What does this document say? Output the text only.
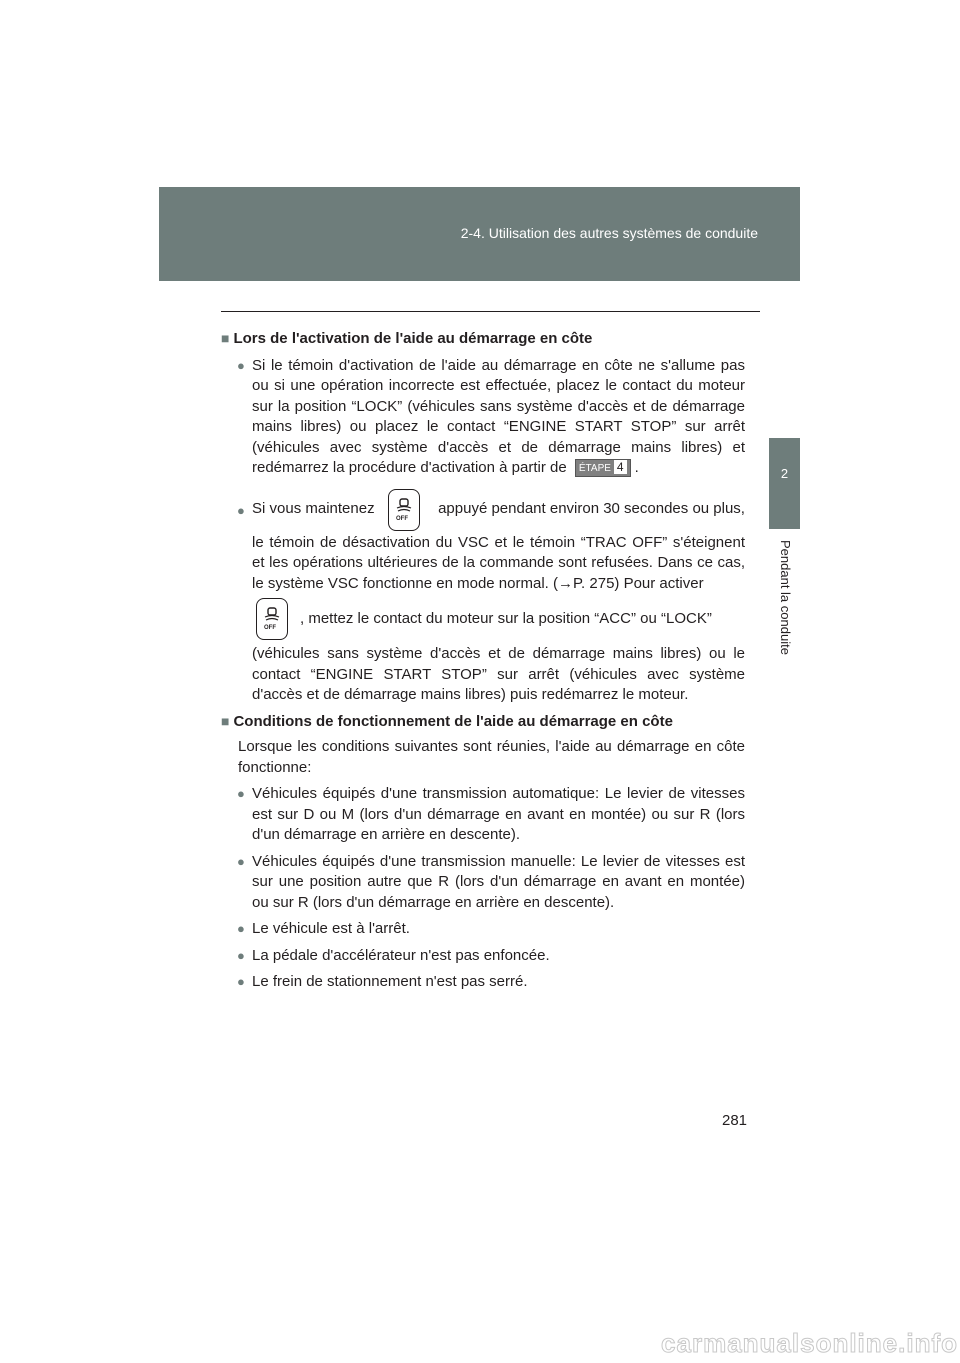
2-4. Utilisation des autres systèmes de conduite
2
Pendant la conduite
■ Lors de l'activation de l'aide au démarrage en côte
● Si le témoin d'activation de l'aide au démarrage en côte ne s'allume pas ou si une opération incorrecte est effectuée, placez le contact du moteur sur la position “LOCK” (véhicules sans système d'accès et de démarrage mains libres) ou placez le contact “ENGINE START STOP” sur arrêt (véhicules avec système d'accès et de démarrage mains libres) et redémarrez la procédure d'activation à partir de ÉTAPE 4 .
● Si vous maintenez
OFF
appuyé pendant environ 30 secondes ou plus,
le témoin de désactivation du VSC et le témoin “TRAC OFF” s'éteignent et les opérations ultérieures de la commande sont refusées. Dans ce cas, le système VSC fonctionne en mode normal. (→P. 275) Pour activer
OFF
, mettez le contact du moteur sur la position “ACC” ou “LOCK”
(véhicules sans système d'accès et de démarrage mains libres) ou le contact “ENGINE START STOP” sur arrêt (véhicules avec système d'accès et de démarrage mains libres) puis redémarrez le moteur.
■ Conditions de fonctionnement de l'aide au démarrage en côte
Lorsque les conditions suivantes sont réunies, l'aide au démarrage en côte fonctionne:
● Véhicules équipés d'une transmission automatique: Le levier de vitesses est sur D ou M (lors d'un démarrage en avant en montée) ou sur R (lors d'un démarrage en arrière en descente).
● Véhicules équipés d'une transmission manuelle: Le levier de vitesses est sur une position autre que R (lors d'un démarrage en avant en montée) ou sur R (lors d'un démarrage en arrière en descente).
● Le véhicule est à l'arrêt.
● La pédale d'accélérateur n'est pas enfoncée.
● Le frein de stationnement n'est pas serré.
281
carmanualsonline.info
